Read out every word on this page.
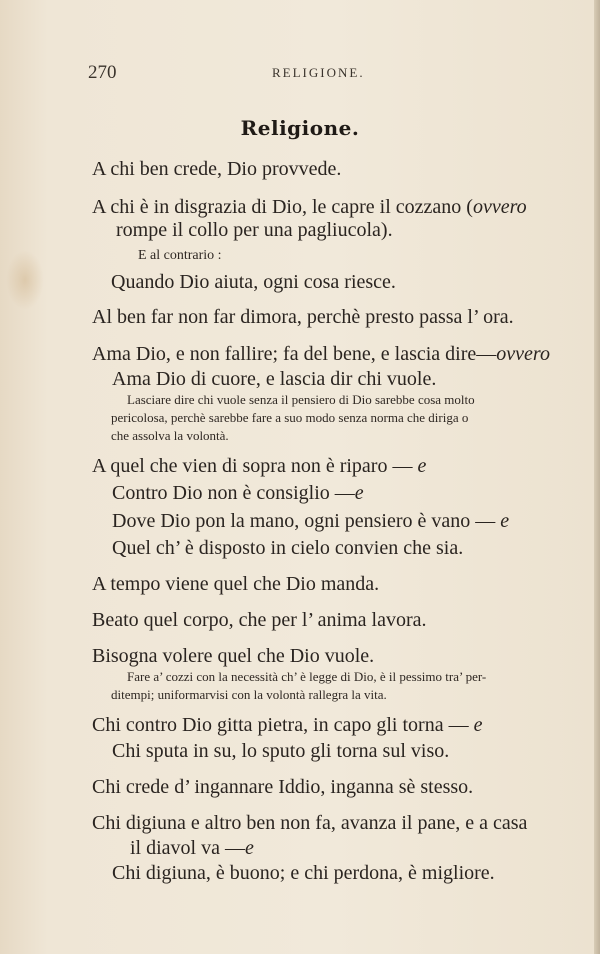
270	RELIGIONE.
Religione.
A chi ben crede, Dio provvede.
A chi è in disgrazia di Dio, le capre il cozzano (ovvero
rompe il collo per una pagliucola).
E al contrario :
Quando Dio aiuta, ogni cosa riesce.
Al ben far non far dimora, perchè presto passa l’ ora.
Ama Dio, e non fallire; fa del bene, e lascia dire—ovvero
Ama Dio di cuore, e lascia dir chi vuole.
Lasciare dire chi vuole senza il pensiero di Dio sarebbe cosa molto
pericolosa, perchè sarebbe fare a suo modo senza norma che diriga o
che assolva la volontà.
A quel che vien di sopra non è riparo — e
Contro Dio non è consiglio —e
Dove Dio pon la mano, ogni pensiero è vano — e
Quel ch’ è disposto in cielo convien che sia.
A tempo viene quel che Dio manda.
Beato quel corpo, che per l’ anima lavora.
Bisogna volere quel che Dio vuole.
Fare a’ cozzi con la necessità ch’ è legge di Dio, è il pessimo tra’ per-
ditempi; uniformarvisi con la volontà rallegra la vita.
Chi contro Dio gitta pietra, in capo gli torna — e
Chi sputa in su, lo sputo gli torna sul viso.
Chi crede d’ ingannare Iddio, inganna sè stesso.
Chi digiuna e altro ben non fa, avanza il pane, e a casa
il diavol va —e
Chi digiuna, è buono; e chi perdona, è migliore.
